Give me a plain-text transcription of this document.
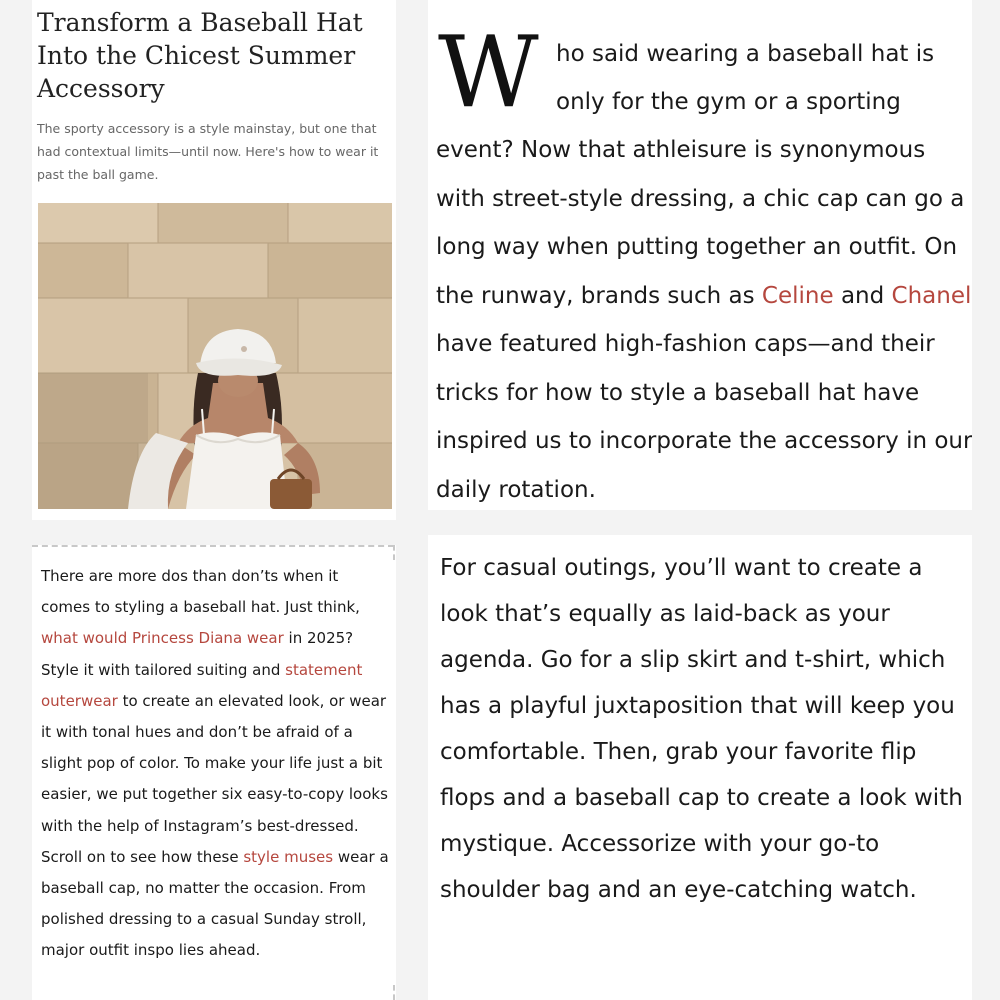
Transform a Baseball Hat Into the Chicest Summer Accessory

The sporty accessory is a style mainstay, but one that had contextual limits—until now. Here's how to wear it past the ball game.

W ho said wearing a baseball hat is only for the gym or a sporting

event? Now that athleisure is synonymous with street-style dressing, a chic cap can go a long way when putting together an outfit. On the runway, brands such as Celine and Chanel have featured high-fashion caps—and their tricks for how to style a baseball hat have inspired us to incorporate the accessory in our daily rotation.

There are more dos than don’ts when it comes to styling a baseball hat. Just think, what would Princess Diana wear in 2025? Style it with tailored suiting and statement outerwear to create an elevated look, or wear it with tonal hues and don’t be afraid of a slight pop of color. To make your life just a bit easier, we put together six easy-to-copy looks with the help of Instagram’s best-dressed. Scroll on to see how these style muses wear a baseball cap, no matter the occasion. From polished dressing to a casual Sunday stroll, major outfit inspo lies ahead.

For casual outings, you’ll want to create a look that’s equally as laid-back as your agenda. Go for a slip skirt and t-shirt, which has a playful juxtaposition that will keep you comfortable. Then, grab your favorite flip flops and a baseball cap to create a look with mystique. Accessorize with your go-to shoulder bag and an eye-catching watch.
